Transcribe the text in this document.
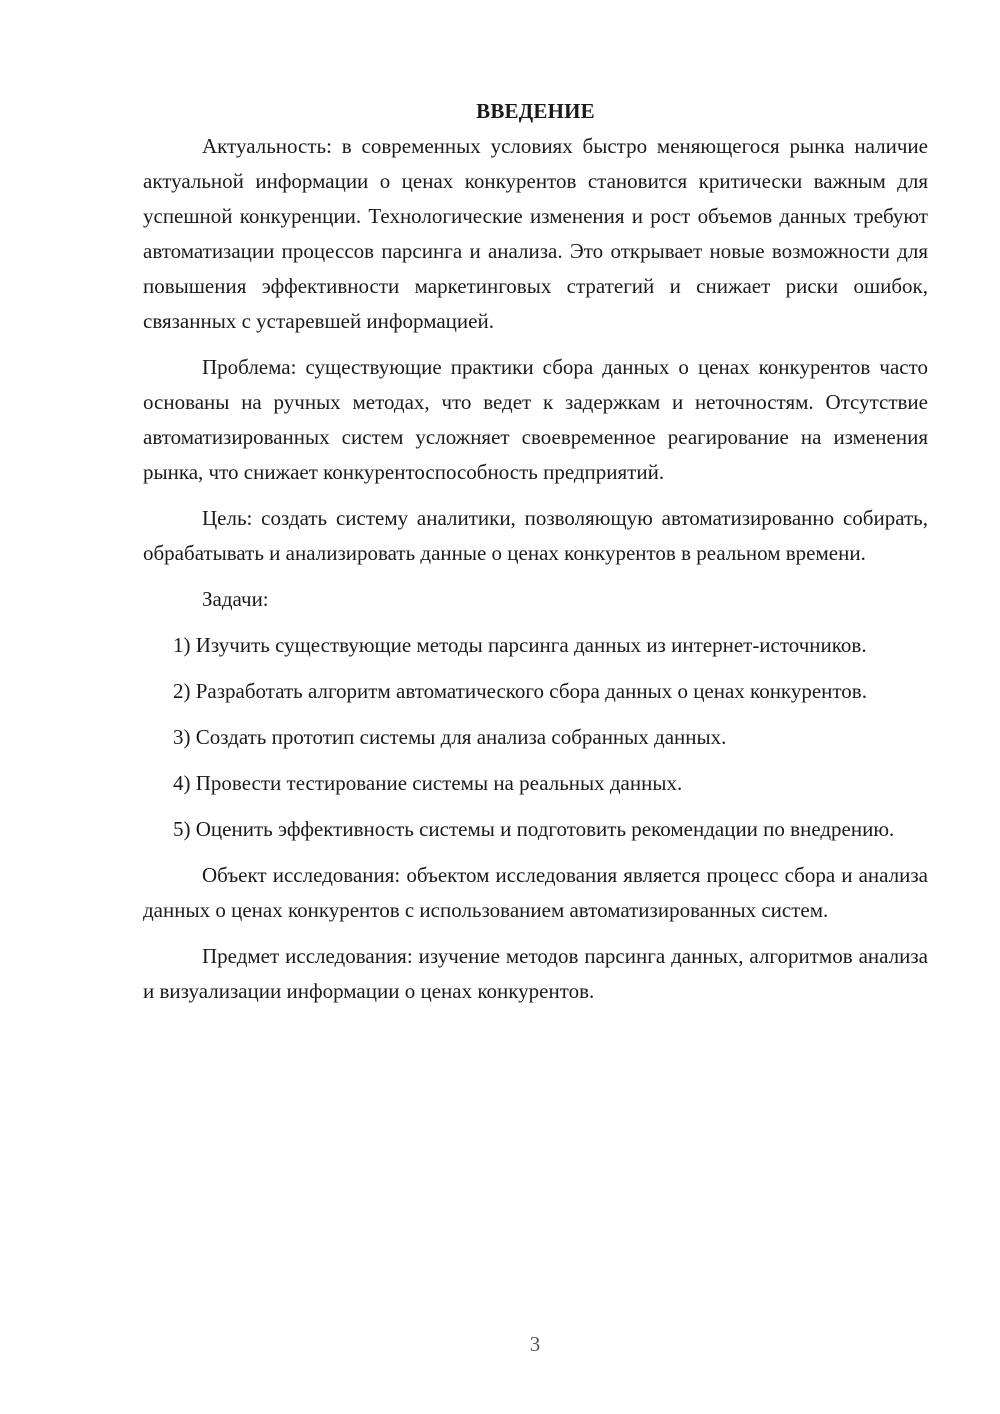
ВВЕДЕНИЕ

Актуальность: в современных условиях быстро меняющегося рынка наличие актуальной информации о ценах конкурентов становится критически важным для успешной конкуренции. Технологические изменения и рост объемов данных требуют автоматизации процессов парсинга и анализа. Это открывает новые возможности для повышения эффективности маркетинговых стратегий и снижает риски ошибок, связанных с устаревшей информацией.

Проблема: существующие практики сбора данных о ценах конкурентов часто основаны на ручных методах, что ведет к задержкам и неточностям. Отсутствие автоматизированных систем усложняет своевременное реагирование на изменения рынка, что снижает конкурентоспособность предприятий.

Цель: создать систему аналитики, позволяющую автоматизированно собирать, обрабатывать и анализировать данные о ценах конкурентов в реальном времени.

Задачи:

1) Изучить существующие методы парсинга данных из интернет-источников.

2) Разработать алгоритм автоматического сбора данных о ценах конкурентов.

3) Создать прототип системы для анализа собранных данных.

4) Провести тестирование системы на реальных данных.

5) Оценить эффективность системы и подготовить рекомендации по внедрению.

Объект исследования: объектом исследования является процесс сбора и анализа данных о ценах конкурентов с использованием автоматизированных систем.

Предмет исследования: изучение методов парсинга данных, алгоритмов анализа и визуализации информации о ценах конкурентов.

3
